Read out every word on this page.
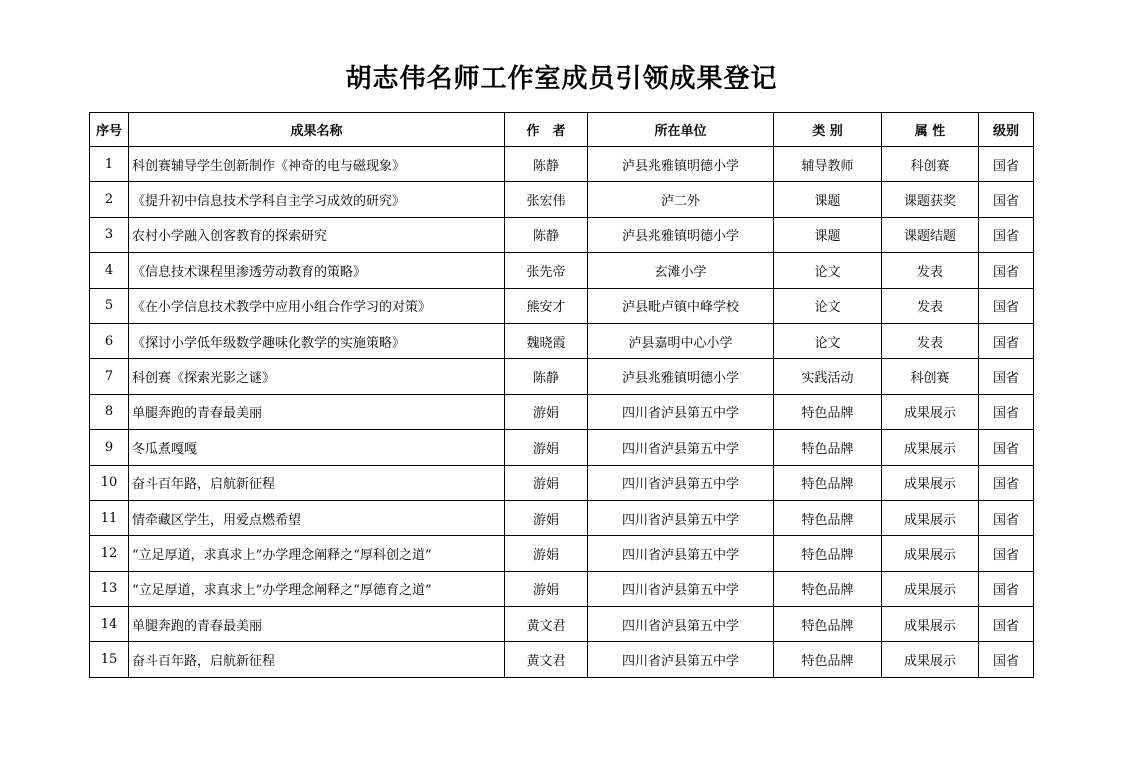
胡志伟名师工作室成员引领成果登记
序号	成果名称	作　者	所在单位	类 别	属 性	级别
1	科创赛辅导学生创新制作《神奇的电与磁现象》	陈静	泸县兆雅镇明德小学	辅导教师	科创赛	国省
2	《提升初中信息技术学科自主学习成效的研究》	张宏伟	泸二外	课题	课题获奖	国省
3	农村小学融入创客教育的探索研究	陈静	泸县兆雅镇明德小学	课题	课题结题	国省
4	《信息技术课程里渗透劳动教育的策略》	张先帝	玄滩小学	论文	发表	国省
5	《在小学信息技术教学中应用小组合作学习的对策》	熊安才	泸县毗卢镇中峰学校	论文	发表	国省
6	《探讨小学低年级数学趣味化教学的实施策略》	魏晓霞	泸县嘉明中心小学	论文	发表	国省
7	科创赛《探索光影之谜》	陈静	泸县兆雅镇明德小学	实践活动	科创赛	国省
8	单腿奔跑的青春最美丽	游娟	四川省泸县第五中学	特色品牌	成果展示	国省
9	冬瓜煮嘎嘎	游娟	四川省泸县第五中学	特色品牌	成果展示	国省
10	奋斗百年路，启航新征程	游娟	四川省泸县第五中学	特色品牌	成果展示	国省
11	情牵藏区学生，用爱点燃希望	游娟	四川省泸县第五中学	特色品牌	成果展示	国省
12	“立足厚道，求真求上”办学理念阐释之“厚科创之道”	游娟	四川省泸县第五中学	特色品牌	成果展示	国省
13	“立足厚道，求真求上”办学理念阐释之“厚德育之道”	游娟	四川省泸县第五中学	特色品牌	成果展示	国省
14	单腿奔跑的青春最美丽	黄文君	四川省泸县第五中学	特色品牌	成果展示	国省
15	奋斗百年路，启航新征程	黄文君	四川省泸县第五中学	特色品牌	成果展示	国省
